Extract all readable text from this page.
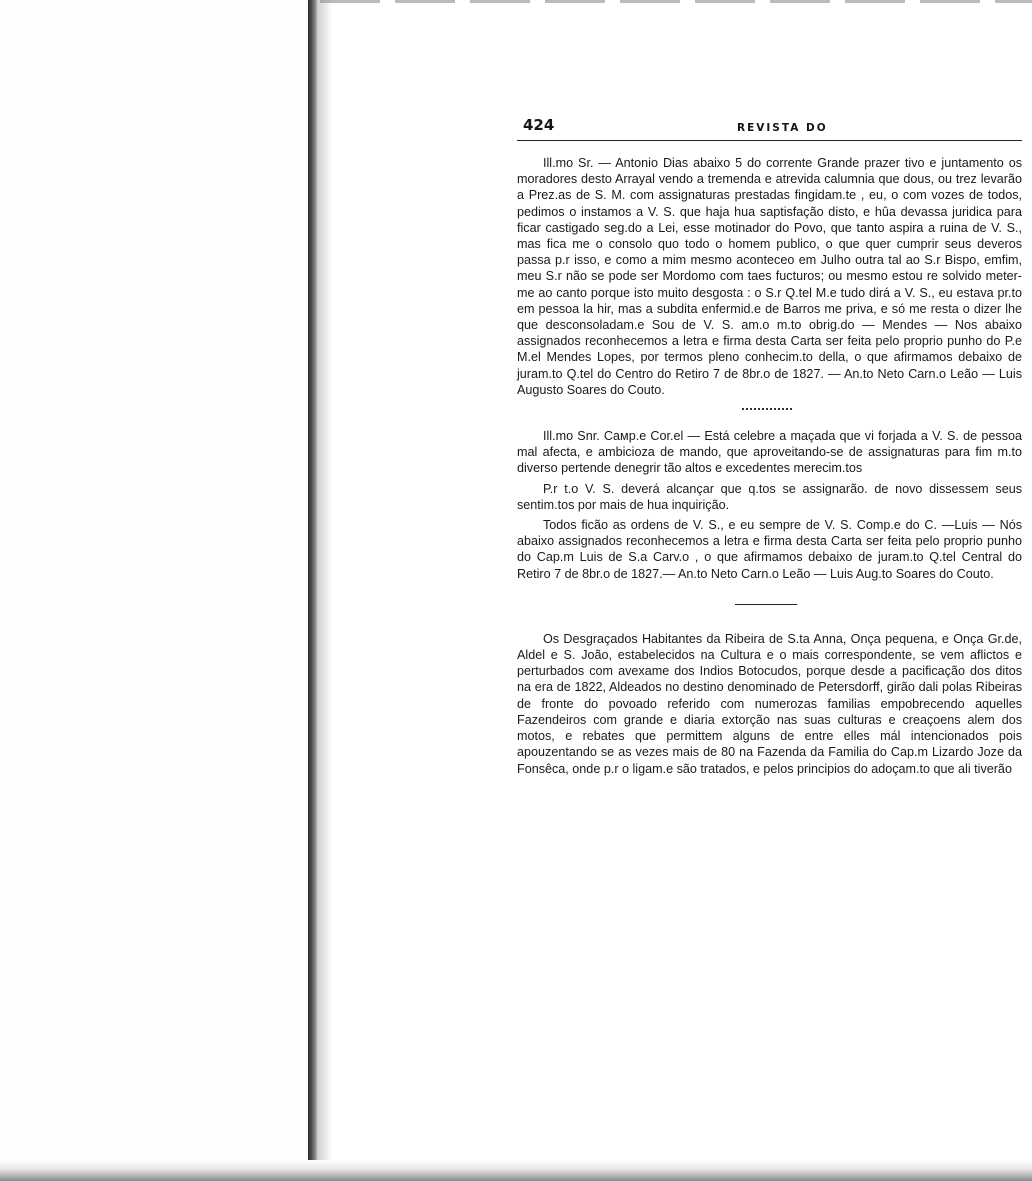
424	REVISTA DO

Ill.mo Sr. — Antonio Dias abaixo 5 do corrente Grande prazer tivo e juntamento os moradores desto Arrayal vendo a tremenda e atrevida calumnia que dous, ou trez levarão a Prez.as de S. M. com assignaturas prestadas fingidam.te , eu, o com vozes de todos, pedimos o instamos a V. S. que haja hua saptisfação disto, e hûa devassa juridica para ficar castigado seg.do a Lei, esse motinador do Povo, que tanto aspira a ruina de V. S., mas fica me o consolo quo todo o homem publico, o que quer cumprir seus deveros passa p.r isso, e como a mim mesmo aconteceo em Julho outra tal ao S.r Bispo, emfim, meu S.r não se pode ser Mordomo com taes fucturos; ou mesmo estou re solvido meter-me ao canto porque isto muito desgosta : o S.r Q.tel M.e tudo dirá a V. S., eu estava pr.to em pessoa la hir, mas a subdita enfermid.e de Barros me priva, e só me resta o dizer lhe que desconsoladam.e Sou de V. S. am.o m.to obrig.do — Mendes — Nos abaixo assignados reconhecemos a letra e firma desta Carta ser feita pelo proprio punho do P.e M.el Mendes Lopes, por termos pleno conhecim.to della, o que afirmamos debaixo de juram.to Q.tel do Centro do Retiro 7 de 8br.o de 1827. — An.to Neto Carn.o Leão — Luis Augusto Soares do Couto.

Ill.mo Snr. Cамp.e Cor.el — Está celebre a maçada que vi forjada a V. S. de pessoa mal afecta, e ambicioza de mando, que aproveitando-se de assignaturas para fim m.to diverso pertende denegrir tão altos e excedentes merecim.tos

P.r t.o V. S. deverá alcançar que q.tos se assignarão. de novo dissessem seus sentim.tos por mais de hua inquirição.

Todos ficão as ordens de V. S., e eu sempre de V. S. Comp.e do C. —Luis — Nós abaixo assignados reconhecemos a letra e firma desta Carta ser feita pelo proprio punho do Cap.m Luis de S.a Carv.o , o que afirmamos debaixo de juram.to Q.tel Central do Retiro 7 de 8br.o de 1827.— An.to Neto Carn.o Leão — Luis Aug.to Soares do Couto.

Os Desgraçados Habitantes da Ribeira de S.ta Anna, Onça pequena, e Onça Gr.de, Aldel e S. João, estabelecidos na Cultura e o mais correspondente, se vem aflictos e perturbados com avexame dos Indios Botocudos, porque desde a pacificação dos ditos na era de 1822, Aldeados no destino denominado de Petersdorff, girão dali polas Ribeiras de fronte do povoado referido com numerozas familias empobrecendo aquelles Fazendeiros com grande e diaria extorção nas suas culturas e creaçoens alem dos motos, e rebates que permittem alguns de entre elles mál intencionados pois apouzentando se as vezes mais de 80 na Fazenda da Familia do Cap.m Lizardo Joze da Fonsêca, onde p.r o ligam.e são tratados, e pelos principios do adoçam.to que ali tiverão
